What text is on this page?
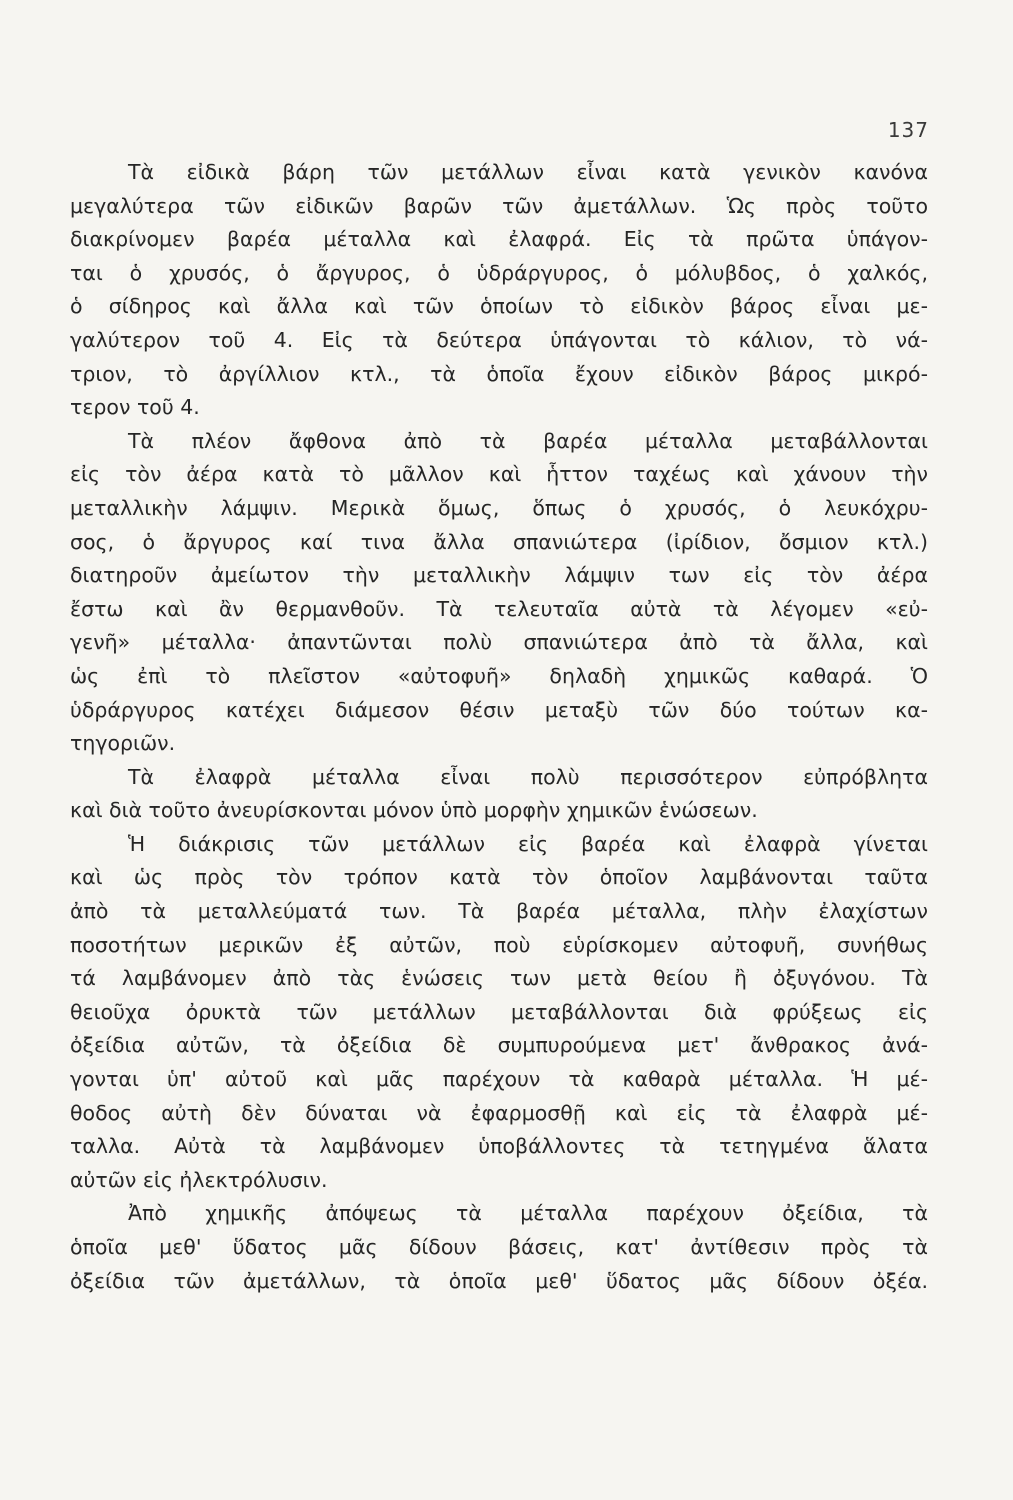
137

Τὰ εἰδικὰ βάρη τῶν μετάλλων εἶναι κατὰ γενικὸν κανόνα
μεγαλύτερα τῶν εἰδικῶν βαρῶν τῶν ἀμετάλλων. Ὡς πρὸς τοῦτο
διακρίνομεν βαρέα μέταλλα καὶ ἐλαφρά. Εἰς τὰ πρῶτα ὑπάγον-
ται ὁ χρυσός, ὁ ἄργυρος, ὁ ὑδράργυρος, ὁ μόλυβδος, ὁ χαλκός,
ὁ σίδηρος καὶ ἄλλα καὶ τῶν ὁποίων τὸ εἰδικὸν βάρος εἶναι με-
γαλύτερον τοῦ 4. Εἰς τὰ δεύτερα ὑπάγονται τὸ κάλιον, τὸ νά-
τριον, τὸ ἀργίλλιον κτλ., τὰ ὁποῖα ἔχουν εἰδικὸν βάρος μικρό-
τερον τοῦ 4.

Τὰ πλέον ἄφθονα ἀπὸ τὰ βαρέα μέταλλα μεταβάλλονται
εἰς τὸν ἀέρα κατὰ τὸ μᾶλλον καὶ ἧττον ταχέως καὶ χάνουν τὴν
μεταλλικὴν λάμψιν. Μερικὰ ὅμως, ὅπως ὁ χρυσός, ὁ λευκόχρυ-
σος, ὁ ἄργυρος καί τινα ἄλλα σπανιώτερα (ἰρίδιον, ὄσμιον κτλ.)
διατηροῦν ἀμείωτον τὴν μεταλλικὴν λάμψιν των εἰς τὸν ἀέρα
ἔστω καὶ ἂν θερμανθοῦν. Τὰ τελευταῖα αὐτὰ τὰ λέγομεν «εὐ-
γενῆ» μέταλλα· ἀπαντῶνται πολὺ σπανιώτερα ἀπὸ τὰ ἄλλα, καὶ
ὡς ἐπὶ τὸ πλεῖστον «αὐτοφυῆ» δηλαδὴ χημικῶς καθαρά. Ὁ
ὑδράργυρος κατέχει διάμεσον θέσιν μεταξὺ τῶν δύο τούτων κα-
τηγοριῶν.

Τὰ ἐλαφρὰ μέταλλα εἶναι πολὺ περισσότερον εὐπρόβλητα
καὶ διὰ τοῦτο ἀνευρίσκονται μόνον ὑπὸ μορφὴν χημικῶν ἑνώσεων.

Ἡ διάκρισις τῶν μετάλλων εἰς βαρέα καὶ ἐλαφρὰ γίνεται
καὶ ὡς πρὸς τὸν τρόπον κατὰ τὸν ὁποῖον λαμβάνονται ταῦτα
ἀπὸ τὰ μεταλλεύματά των. Τὰ βαρέα μέταλλα, πλὴν ἐλαχίστων
ποσοτήτων μερικῶν ἐξ αὐτῶν, ποὺ εὑρίσκομεν αὐτοφυῆ, συνήθως
τά λαμβάνομεν ἀπὸ τὰς ἑνώσεις των μετὰ θείου ἢ ὀξυγόνου. Τὰ
θειοῦχα ὀρυκτὰ τῶν μετάλλων μεταβάλλονται διὰ φρύξεως εἰς
ὀξείδια αὐτῶν, τὰ ὀξείδια δὲ συμπυρούμενα μετ' ἄνθρακος ἀνά-
γονται ὑπ' αὐτοῦ καὶ μᾶς παρέχουν τὰ καθαρὰ μέταλλα. Ἡ μέ-
θοδος αὐτὴ δὲν δύναται νὰ ἐφαρμοσθῇ καὶ εἰς τὰ ἐλαφρὰ μέ-
ταλλα. Αὐτὰ τὰ λαμβάνομεν ὑποβάλλοντες τὰ τετηγμένα ἅλατα
αὐτῶν εἰς ἠλεκτρόλυσιν.

Ἀπὸ χημικῆς ἀπόψεως τὰ μέταλλα παρέχουν ὀξείδια, τὰ
ὁποῖα μεθ' ὕδατος μᾶς δίδουν βάσεις, κατ' ἀντίθεσιν πρὸς τὰ
ὀξείδια τῶν ἀμετάλλων, τὰ ὁποῖα μεθ' ὕδατος μᾶς δίδουν ὀξέα.
